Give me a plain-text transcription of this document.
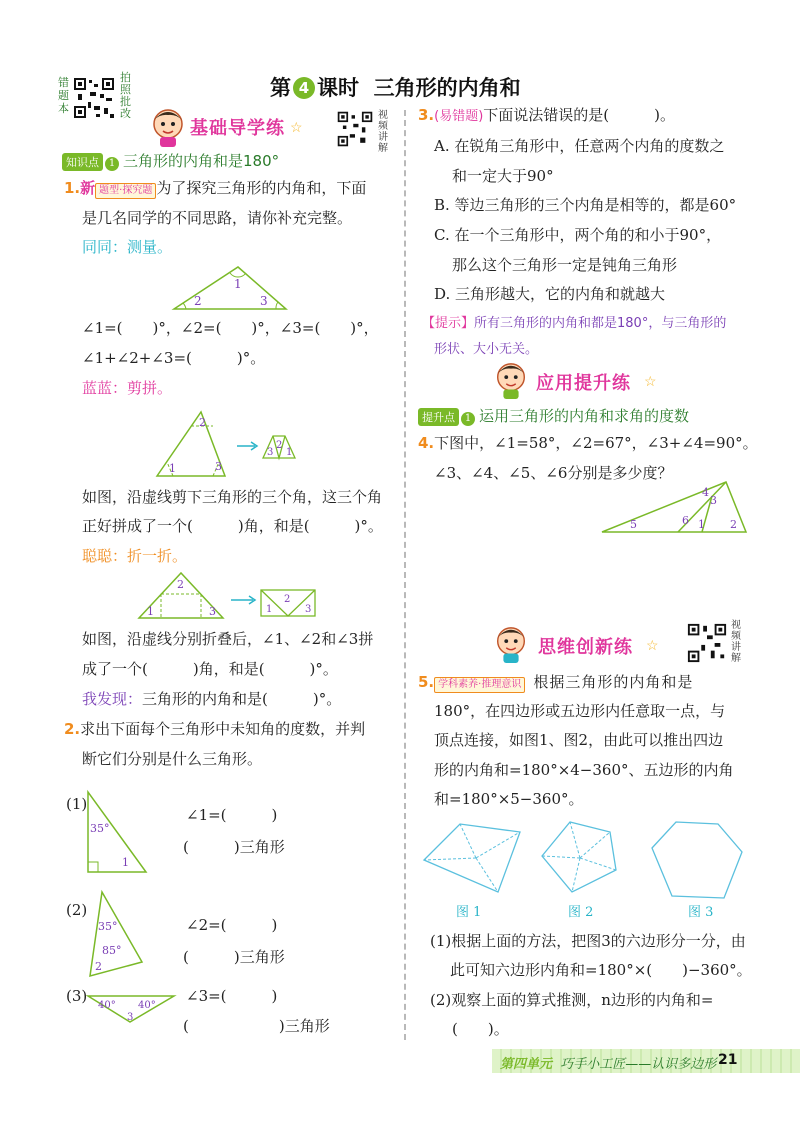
错题本
拍照批改
第 4 课时 三角形的内角和
基础导学练 ☆
视频讲解
知识点 1 三角形的内角和是180°
1.新 题型·探究题 为了探究三角形的内角和，下面
是几名同学的不同思路，请你补充完整。
同同：测量。
2
1
3
∠1=(　　)°，∠2=(　　)°，∠3=(　　)°，
∠1+∠2+∠3=(　　　)°。
蓝蓝：剪拼。
1
2
3
3
2
1
如图，沿虚线剪下三角形的三个角，这三个角
正好拼成了一个(　　　)角，和是(　　　)°。
聪聪：折一折。
1
2
3	1
2
3
如图，沿虚线分别折叠后，∠1、∠2和∠3拼
成了一个(　　　)角，和是(　　　)°。
我发现：三角形的内角和是(　　　)°。
2.求出下面每个三角形中未知角的度数，并判
断它们分别是什么三角形。
(1)
35°
1
∠1=(　　　)
(　　　)三角形
(2)
35°
85°
2
∠2=(　　　)
(　　　)三角形
(3)
40° 40°
3
∠3=(　　　)
(　　　　　　)三角形
3.(易错题)下面说法错误的是(　　　)。
A. 在锐角三角形中，任意两个内角的度数之
和一定大于90°
B. 等边三角形的三个内角是相等的，都是60°
C. 在一个三角形中，两个角的和小于90°，
那么这个三角形一定是钝角三角形
D. 三角形越大，它的内角和就越大
【提示】所有三角形的内角和都是180°，与三角形的
形状、大小无关。
应用提升练 ☆
提升点 1 运用三角形的内角和求角的度数
4.下图中，∠1=58°，∠2=67°，∠3+∠4=90°。
∠3、∠4、∠5、∠6分别是多少度？
5	6 1 2
3
4
思维创新练 ☆
视频讲解
5. 学科素养·推理意识 根据三角形的内角和是
180°，在四边形或五边形内任意取一点，与
顶点连接，如图1、图2，由此可以推出四边
形的内角和=180°×4−360°、五边形的内角
和=180°×5−360°。
图 1	图 2	图 3
(1)根据上面的方法，把图3的六边形分一分，由
此可知六边形内角和=180°×(　　)−360°。
(2)观察上面的算式推测，n边形的内角和=
(　　)。
第四单元 巧手小工匠——认识多边形 21
